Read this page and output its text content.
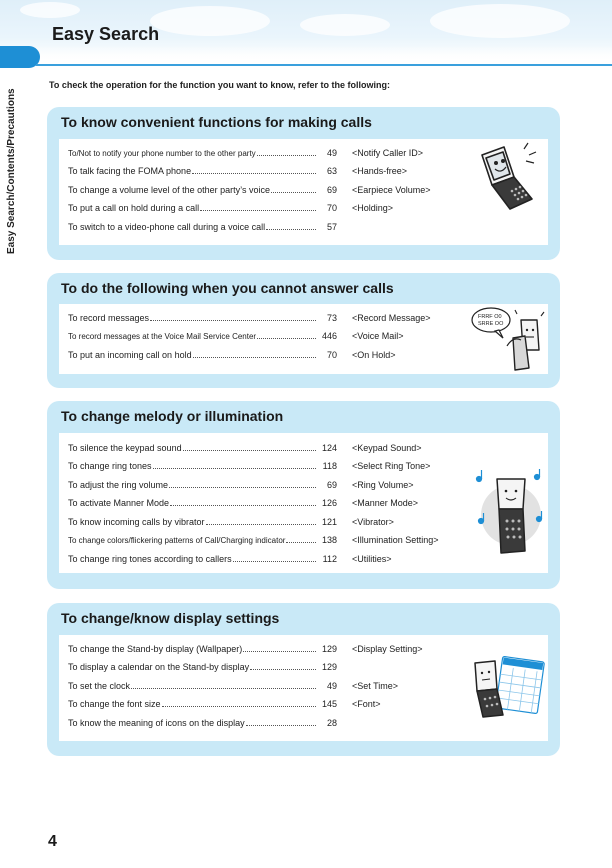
Easy Search
Easy Search/Contents/Precautions
To check the operation for the function you want to know, refer to the following:
To know convenient functions for making calls
To/Not to notify your phone number to the other party	49 <Notify Caller ID>
To talk facing the FOMA phone	63 <Hands-free>
To change a volume level of the other party’s voice	69 <Earpiece Volume>
To put a call on hold during a call	70 <Holding>
To switch to a video-phone call during a voice call	57
To do the following when you cannot answer calls
To record messages	73 <Record Message>
To record messages at the Voice Mail Service Center	446 <Voice Mail>
To put an incoming call on hold	70 <On Hold>
FRRF O0
SRRE OO
To change melody or illumination
To silence the keypad sound	124 <Keypad Sound>
To change ring tones	118 <Select Ring Tone>
To adjust the ring volume	69 <Ring Volume>
To activate Manner Mode	126 <Manner Mode>
To know incoming calls by vibrator	121 <Vibrator>
To change colors/flickering patterns of Call/Charging indicator	138 <Illumination Setting>
To change ring tones according to callers	112 <Utilities>
To change/know display settings
To change the Stand-by display (Wallpaper)	129 <Display Setting>
To display a calendar on the Stand-by display	129
To set the clock	49 <Set Time>
To change the font size	145 <Font>
To know the meaning of icons on the display	28
4
